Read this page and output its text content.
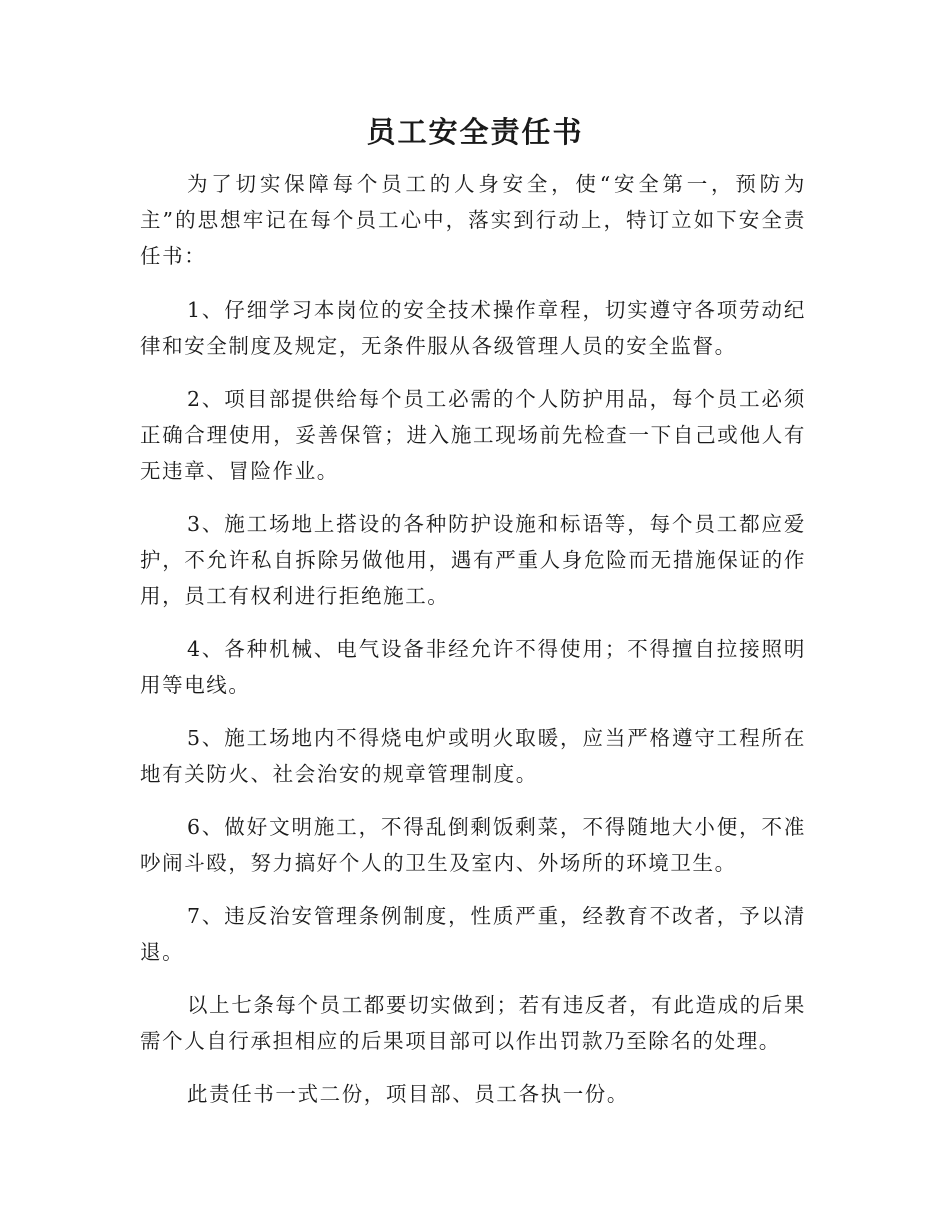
员工安全责任书

为了切实保障每个员工的人身安全，使“安全第一，预防为主”的思想牢记在每个员工心中，落实到行动上，特订立如下安全责任书：

1、仔细学习本岗位的安全技术操作章程，切实遵守各项劳动纪律和安全制度及规定，无条件服从各级管理人员的安全监督。

2、项目部提供给每个员工必需的个人防护用品，每个员工必须正确合理使用，妥善保管；进入施工现场前先检查一下自己或他人有无违章、冒险作业。

3、施工场地上搭设的各种防护设施和标语等，每个员工都应爱护，不允许私自拆除另做他用，遇有严重人身危险而无措施保证的作用，员工有权利进行拒绝施工。

4、各种机械、电气设备非经允许不得使用；不得擅自拉接照明用等电线。

5、施工场地内不得烧电炉或明火取暖，应当严格遵守工程所在地有关防火、社会治安的规章管理制度。

6、做好文明施工，不得乱倒剩饭剩菜，不得随地大小便，不准吵闹斗殴，努力搞好个人的卫生及室内、外场所的环境卫生。

7、违反治安管理条例制度，性质严重，经教育不改者，予以清退。

以上七条每个员工都要切实做到；若有违反者，有此造成的后果需个人自行承担相应的后果项目部可以作出罚款乃至除名的处理。

此责任书一式二份，项目部、员工各执一份。
